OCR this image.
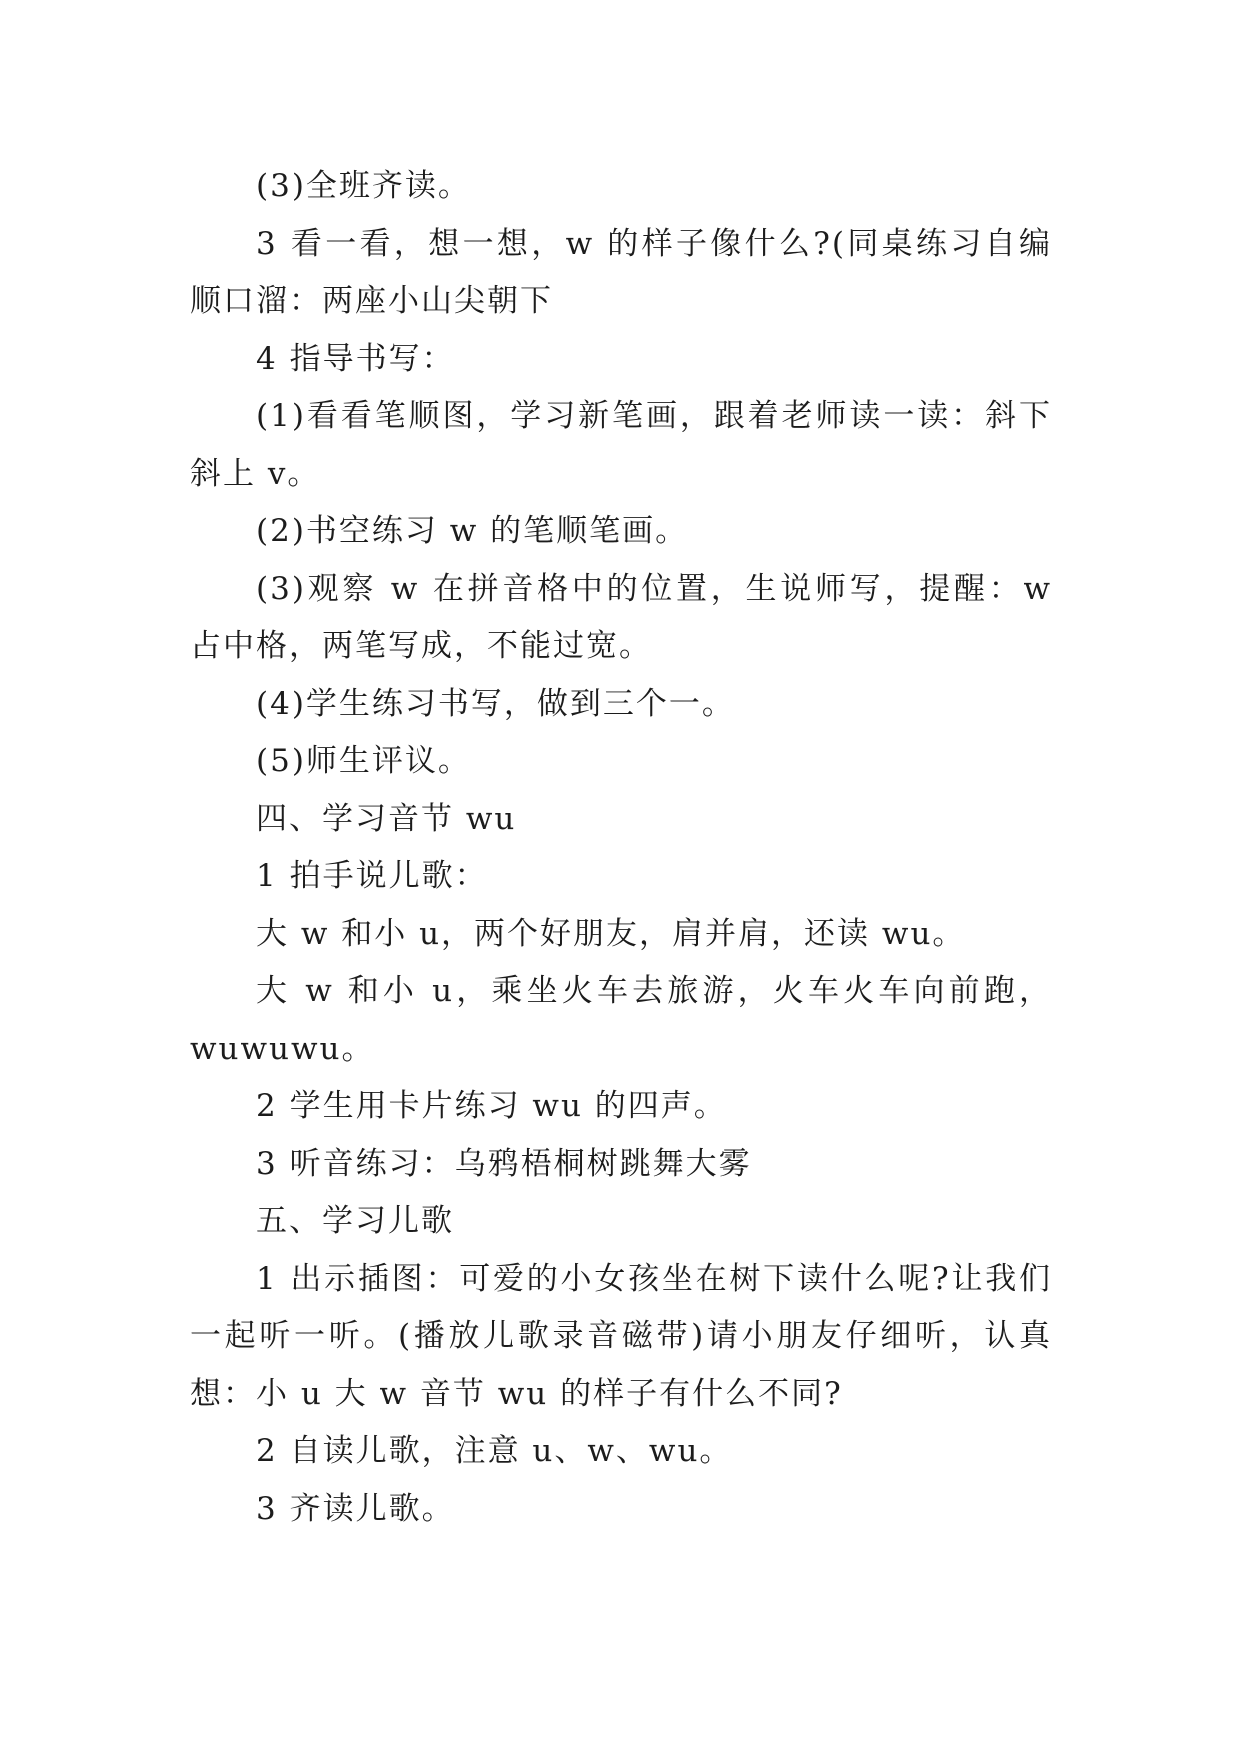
(3)全班齐读。

3 看一看，想一想，w 的样子像什么?(同桌练习自编顺口溜：两座小山尖朝下

4 指导书写：

(1)看看笔顺图，学习新笔画，跟着老师读一读：斜下斜上 v。

(2)书空练习 w 的笔顺笔画。

(3)观察 w 在拼音格中的位置，生说师写，提醒：w 占中格，两笔写成，不能过宽。

(4)学生练习书写，做到三个一。

(5)师生评议。

四、学习音节 wu

1 拍手说儿歌：

大 w 和小 u，两个好朋友，肩并肩，还读 wu。

大 w 和小 u，乘坐火车去旅游，火车火车向前跑，wuwuwu。

2 学生用卡片练习 wu 的四声。

3 听音练习：乌鸦梧桐树跳舞大雾

五、学习儿歌

1 出示插图：可爱的小女孩坐在树下读什么呢?让我们一起听一听。(播放儿歌录音磁带)请小朋友仔细听，认真想：小 u 大 w 音节 wu 的样子有什么不同?

2 自读儿歌，注意 u、w、wu。

3 齐读儿歌。
